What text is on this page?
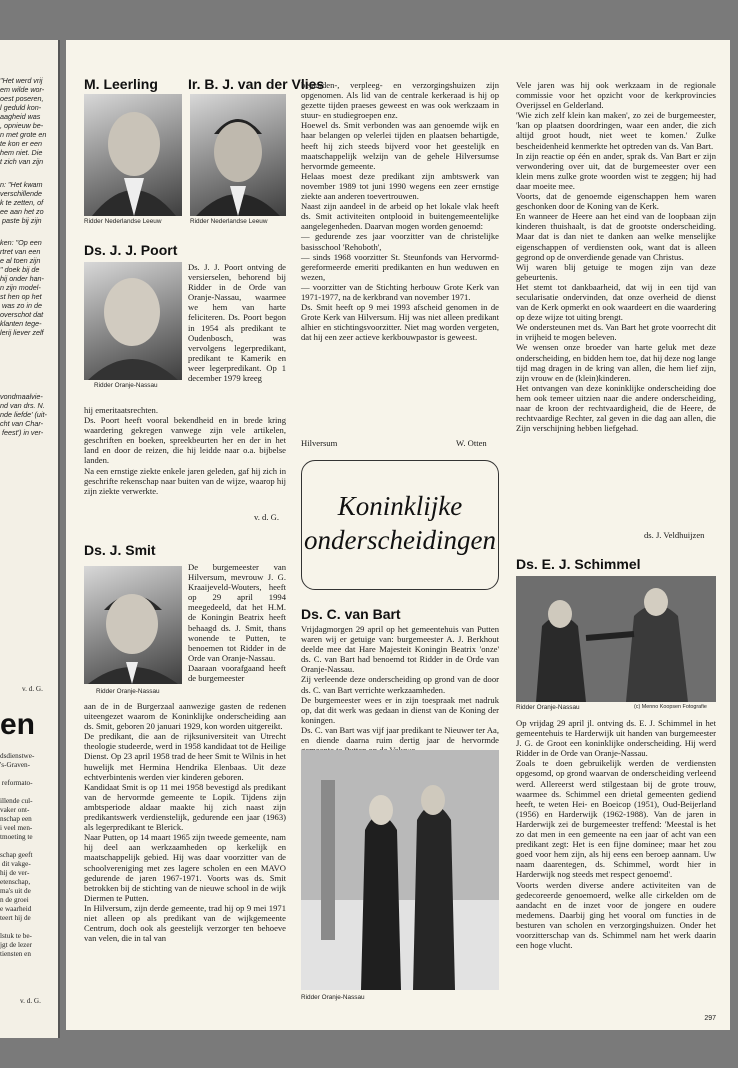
"Het werd vrij
em wilde wor-
oest poseren,
l geduld kon-
aagheid was
, opnieuw be-
n met grote en
te kon er een
hem niet. Die
t zich van zijn
n: "Het kwam
verschillende
k te zetten, of
ee aan het zo
paste bij zijn
ken: "Op een
rtret van een
e al toen zijn
" doek bij de
hij onder han-
n zijn model-
st hen op het
was zo in de
overschot dat
klanten tege-
lerij liever zelf
vondmaalvie-
nd van drs. N.
nde liefde' (uit-
cht van Char-
feest') in ver-
v. d. G.
en
dsdienstwe-
's-Graven-

reformato-

illende cul-
vaker ont-
nschap een
i veel men-
tmoeting te

schap geeft
dit vakge-
hij de ver-
etenschap,
ma's uit de
n de groei
e waarheid
teert hij de

lstuk te be-
jgt de lezer
tiensten en
v. d. G.
M. Leerling
Ridder Nederlandse Leeuw
Ir. B. J. van der Vlies
Ridder Nederlandse Leeuw
Ds. J. J. Poort
Ridder Oranje-Nassau
Ds. J. J. Poort ontving de versierselen, behorend bij Ridder in de Orde van Oranje-Nassau, waarmee we hem van harte feliciteren. Ds. Poort begon in 1954 als predikant te Oudenbosch, was vervolgens legerpredikant, predikant te Kamerik en weer legerpredikant. Op 1 december 1979 kreeg
hij emeritaatsrechten.
Ds. Poort heeft vooral bekendheid en in brede kring waardering gekregen vanwege zijn vele artikelen, geschriften en boeken, spreekbeurten her en der in het land en door de reizen, die hij leidde naar o.a. bijbelse landen.
Na een ernstige ziekte enkele jaren geleden, gaf hij zich in geschrifte rekenschap naar buiten van de wijze, waarop hij zijn ziekte verwerkte.
v. d. G.
Ds. J. Smit
Ridder Oranje-Nassau
De burgemeester van Hilversum, mevrouw J. G. Kraaijeveld-Wouters, heeft op 29 april 1994 meegedeeld, dat het H.M. de Koningin Beatrix heeft behaagd ds. J. Smit, thans wonende te Putten, te benoemen tot Ridder in de Orde van Oranje-Nassau.
Daaraan voorafgaand heeft de burgemeester
aan de in de Burgerzaal aanwezige gasten de redenen uiteengezet waarom de Koninklijke onderscheiding aan ds. Smit, geboren 20 januari 1929, kon worden uitgereikt.
De predikant, die aan de rijksuniversiteit van Utrecht theologie studeerde, werd in 1958 kandidaat tot de Heilige Dienst. Op 23 april 1958 trad de heer Smit te Wilnis in het huwelijk met Hermina Hendrika Elenbaas. Uit deze echtverbintenis werden vier kinderen geboren.
Kandidaat Smit is op 11 mei 1958 bevestigd als predikant van de hervormde gemeente te Lopik. Tijdens zijn ambtsperiode aldaar maakte hij zich naast zijn predikantswerk verdienstelijk, gedurende een jaar (1963) als legerpredikant te Blerick.
Naar Putten, op 14 maart 1965 zijn tweede gemeente, nam hij deel aan werkzaamheden op kerkelijk en maatschappelijk gebied. Hij was daar voorzitter van de schoolvereniging met zes lagere scholen en een MAVO gedurende de jaren 1967-1971. Voorts was ds. Smit betrokken bij de stichting van de nieuwe school in de wijk Diermen te Putten.
In Hilversum, zijn derde gemeente, trad hij op 9 mei 1971 niet alleen op als predikant van de wijkgemeente Centrum, doch ook als geestelijk verzorger ten behoeve van velen, die in tal van
bejaarden-, verpleeg- en verzorgingshuizen zijn opgenomen. Als lid van de centrale kerkeraad is hij op gezette tijden praeses geweest en was ook werkzaam in stuur- en studiegroepen enz.
Hoewel ds. Smit verbonden was aan genoemde wijk en haar belangen op velerlei tijden en plaatsen behartigde, heeft hij zich steeds bijverd voor het geestelijk en maatschappelijk welzijn van de gehele Hilversumse hervormde gemeente.
Helaas moest deze predikant zijn ambtswerk van november 1989 tot juni 1990 wegens een zeer ernstige ziekte aan anderen toevertrouwen.
Naast zijn aandeel in de arbeid op het lokale vlak heeft ds. Smit activiteiten ontplooid in buitengemeentelijke aangelegenheden. Daarvan mogen worden genoemd:
— gedurende zes jaar voorzitter van de christelijke basisschool 'Rehoboth',
— sinds 1968 voorzitter St. Steunfonds van Hervormd-gereformeerde emeriti predikanten en hun weduwen en wezen,
— voorzitter van de Stichting herbouw Grote Kerk van 1971-1977, na de kerkbrand van november 1971.
Ds. Smit heeft op 9 mei 1993 afscheid genomen in de Grote Kerk van Hilversum. Hij was niet alleen predikant alhier en stichtingsvoorzitter. Niet mag worden vergeten, dat hij een zeer actieve kerkbouwpastor is geweest.
Hilversum	W. Otten
Koninklijke
onderscheidingen
Ds. C. van Bart
Vrijdagmorgen 29 april op het gemeentehuis van Putten waren wij er getuige van: burgemeester A. J. Berkhout deelde mee dat Hare Majesteit Koningin Beatrix 'onze' ds. C. van Bart had benoemd tot Ridder in de Orde van Oranje-Nassau.
Zij verleende deze onderscheiding op grond van de door ds. C. van Bart verrichte werkzaamheden.
De burgemeester wees er in zijn toespraak met nadruk op, dat dit werk was gedaan in dienst van de Koning der koningen.
Ds. C. van Bart was vijf jaar predikant te Nieuwer ter Aa, en diende daarna ruim dertig jaar de hervormde
Ridder Oranje-Nassau
Vele jaren was hij ook werkzaam in de regionale commissie voor het opzicht voor de kerkprovincies Overijssel en Gelderland.
'Wie zich zelf klein kan maken', zo zei de burgemeester, 'kan op plaatsen doordringen, waar een ander, die zich altijd groot houdt, niet weet te komen.' Zulke bescheidenheid kenmerkte het optreden van ds. Van Bart.
In zijn reactie op één en ander, sprak ds. Van Bart er zijn verwondering over uit, dat de burgemeester over een klein mens zulke grote woorden wist te zeggen; hij had daar moeite mee.
Voorts, dat de genoemde eigenschappen hem waren geschonken door de Koning van de Kerk.
En wanneer de Heere aan het eind van de loopbaan zijn kinderen thuishaalt, is dat de grootste onderscheiding. Maar dat is dan niet te danken aan welke menselijke eigenschappen of verdiensten ook, want dat is alleen gegrond op de onverdiende genade van Christus.
Wij waren blij getuige te mogen zijn van deze gebeurtenis.
Het stemt tot dankbaarheid, dat wij in een tijd van secularisatie ondervinden, dat onze overheid de dienst van de Kerk opmerkt en ook waardeert en die waardering op deze wijze tot uiting brengt.
We ondersteunen met ds. Van Bart het grote voorrecht dit in vrijheid te mogen beleven.
We wensen onze broeder van harte geluk met deze onderscheiding, en bidden hem toe, dat hij deze nog lange tijd mag dragen in de kring van allen, die hem lief zijn, zijn vrouw en de (klein)kinderen.
Het ontvangen van deze koninklijke onderscheiding doe hem ook temeer uitzien naar die andere onderscheiding, naar de kroon der rechtvaardigheid, die de Heere, de rechtvaardige Rechter, zal geven in die dag aan allen, die Zijn verschijning hebben liefgehad.
ds. J. Veldhuijzen
Ds. E. J. Schimmel
Ridder Oranje-Nassau	(c) Menno Koopsen Fotografie
Op vrijdag 29 april jl. ontving ds. E. J. Schimmel in het gemeentehuis te Harderwijk uit handen van burgemeester J. G. de Groot een koninklijke onderscheiding. Hij werd Ridder in de Orde van Oranje-Nassau.
Zoals te doen gebruikelijk werden de verdiensten opgesomd, op grond waarvan de onderscheiding verleend werd. Allereerst werd stilgestaan bij de grote trouw, waarmee ds. Schimmel een drietal gemeenten gediend heeft, te weten Hei- en Boeicop (1951), Oud-Beijerland (1956) en Harderwijk (1962-1988). Van de jaren in Harderwijk zei de burgemeester treffend: 'Meestal is het zo dat men in een gemeente na een jaar of acht van een predikant zegt: Het is een fijne dominee; maar het zou goed voor hem zijn, als hij eens een beroep aannam. Uw naam daarentegen, ds. Schimmel, wordt hier in Harderwijk nog steeds met respect genoemd'.
Voorts werden diverse andere activiteiten van de gedecoreerde genoemoerd, welke alle cirkelden om de aandacht en de inzet voor de jongere en oudere medemens. Daarbij ging het vooral om functies in de besturen van scholen en verzorgingshuizen. Onder het voorzitterschap van ds. Schimmel nam het werk daarin een hoge vlucht.
297
